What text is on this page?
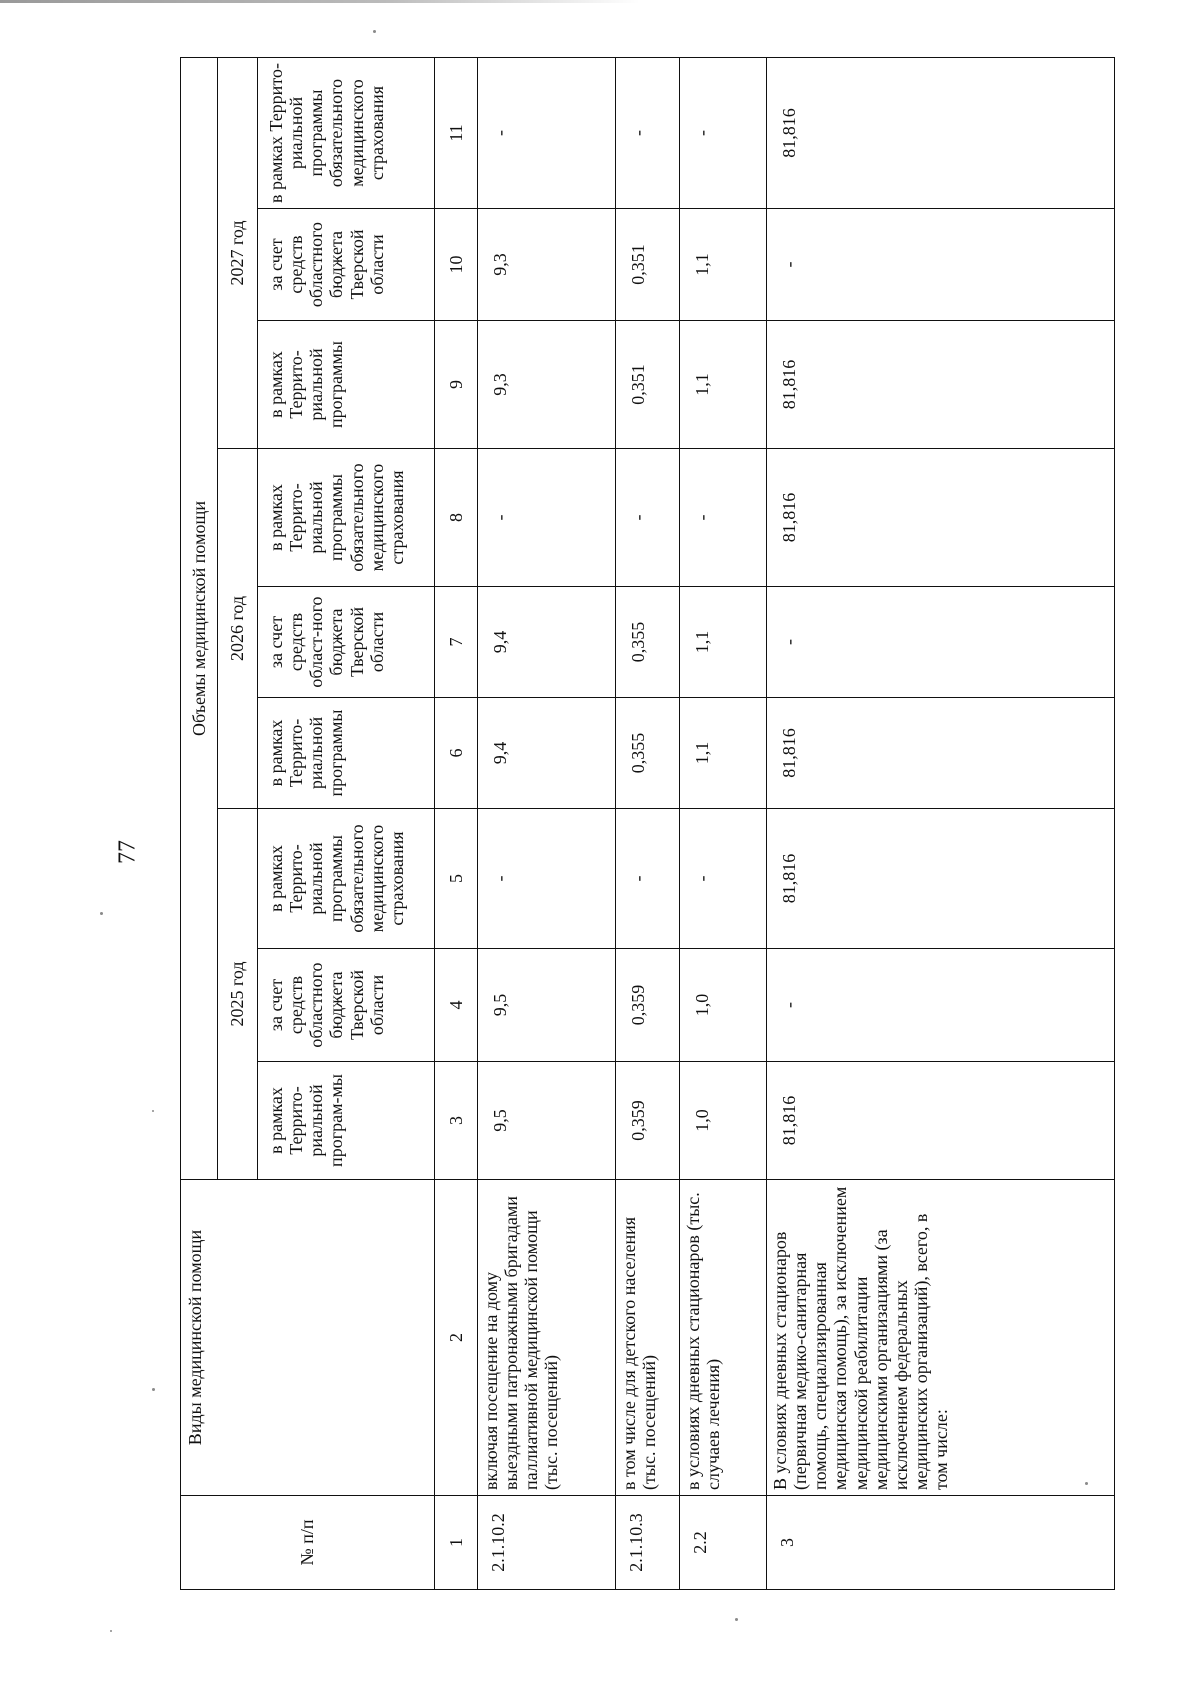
77
№ п/п	Виды медицинской помощи	Объемы медицинской помощи								
		2025 год			2026 год			2027 год		
		в рамках Террито-риальной програм-мы	за счет средств областного бюджета Тверской области	в рамках Террито-риальной программы обязательного медицинского страхования	в рамках Террито-риальной программы	за счет средств област-ного бюджета Тверской области	в рамках Террито-риальной программы обязательного медицинского страхования	в рамках Террито-риальной программы	за счет средств областного бюджета Тверской области	в рамках Террито-риальной программы обязательного медицинского страхования
1	2	3	4	5	6	7	8	9	10	11
2.1.10.2	включая посещение на дому выездными патронажными бригадами паллиативной медицинской помощи (тыс. посещений)	9,5	9,5	-	9,4	9,4	-	9,3	9,3	-
2.1.10.3	в том числе для детского населения (тыс. посещений)	0,359	0,359	-	0,355	0,355	-	0,351	0,351	-
2.2	в условиях дневных стационаров (тыс. случаев лечения)	1,0	1,0	-	1,1	1,1	-	1,1	1,1	-
3	В условиях дневных стационаров (первичная медико-санитарная помощь, специализированная медицинская помощь), за исключением медицинской реабилитации медицинскими организациями (за исключением федеральных медицинских организаций), всего, в том числе:	81,816	-	81,816	81,816	-	81,816	81,816	-	81,816
